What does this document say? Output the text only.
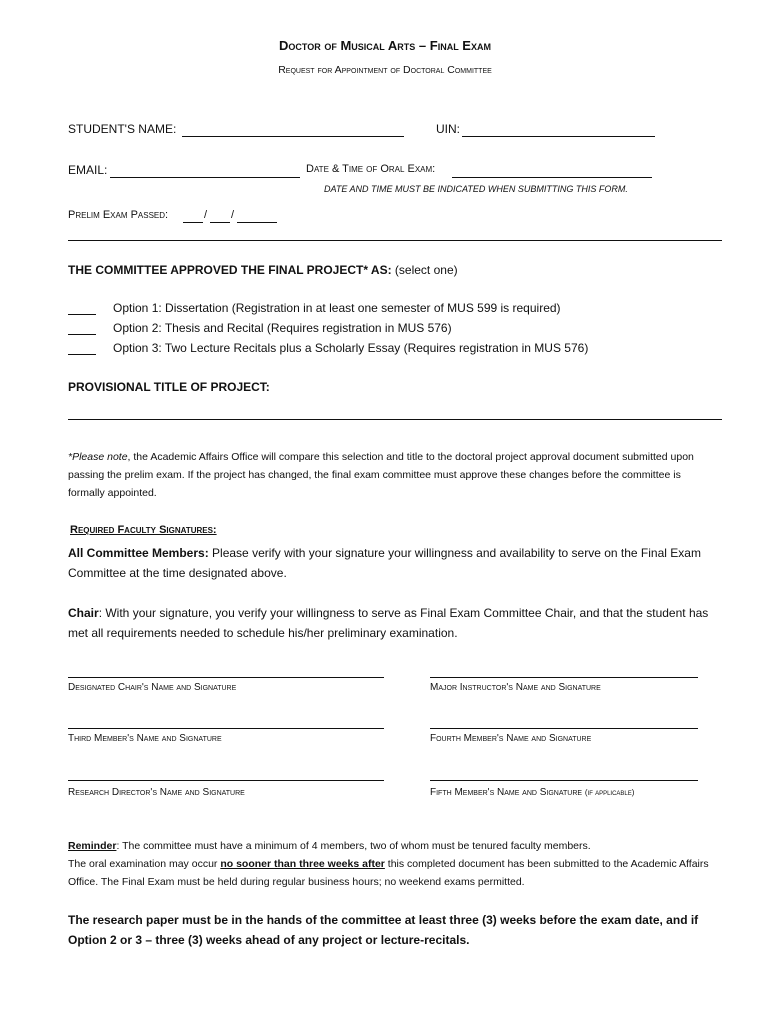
Doctor of Musical Arts – Final Exam
Request for Appointment of Doctoral Committee
STUDENT'S NAME:	UIN:
EMAIL:	Date & Time of Oral Exam:
DATE AND TIME MUST BE INDICATED WHEN SUBMITTING THIS FORM.
Prelim Exam Passed:	/ /
THE COMMITTEE APPROVED THE FINAL PROJECT* AS: (select one)
Option 1: Dissertation (Registration in at least one semester of MUS 599 is required)
Option 2: Thesis and Recital (Requires registration in MUS 576)
Option 3: Two Lecture Recitals plus a Scholarly Essay (Requires registration in MUS 576)
PROVISIONAL TITLE OF PROJECT:
*Please note, the Academic Affairs Office will compare this selection and title to the doctoral project approval document submitted upon passing the prelim exam. If the project has changed, the final exam committee must approve these changes before the committee is formally appointed.
Required Faculty Signatures:
All Committee Members: Please verify with your signature your willingness and availability to serve on the Final Exam Committee at the time designated above.
Chair: With your signature, you verify your willingness to serve as Final Exam Committee Chair, and that the student has met all requirements needed to schedule his/her preliminary examination.
Designated Chair's Name and Signature	Major Instructor's Name and Signature
Third Member's Name and Signature	Fourth Member's Name and Signature
Research Director's Name and Signature	Fifth Member's Name and Signature (if applicable)
Reminder: The committee must have a minimum of 4 members, two of whom must be tenured faculty members.
The oral examination may occur no sooner than three weeks after this completed document has been submitted to the Academic Affairs Office. The Final Exam must be held during regular business hours; no weekend exams permitted.
The research paper must be in the hands of the committee at least three (3) weeks before the exam date, and if Option 2 or 3 – three (3) weeks ahead of any project or lecture-recitals.
